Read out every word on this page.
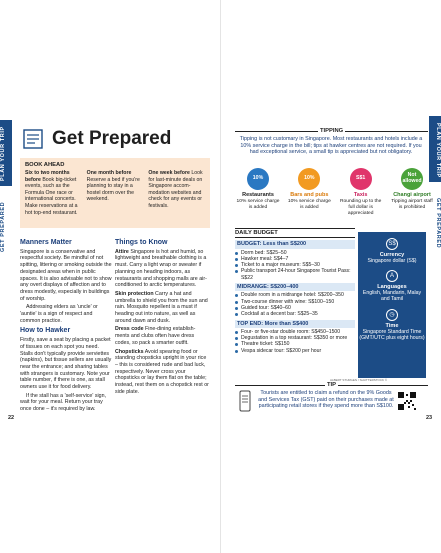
PLAN YOUR TRIP
GET PREPARED
Get Prepared
BOOK AHEAD
Six to two months before Book big-ticket events, such as the Formula One race or international concerts. Make reservations at a hot top-end restaurant.
One month before Reserve a bed if you're planning to stay in a hostel dorm over the weekend.
One week before Look for last-minute deals on Singapore accom-modation websites and check for any events or festivals.
Manners Matter

Singapore is a conservative and respectful society. Be mindful of not spitting, littering or smoking outside the designated areas when in public spaces. It is also advisable not to show any overt displays of affection and to dress modestly, especially in buildings of worship.

Addressing elders as 'uncle' or 'auntie' is a sign of respect and common practice.

How to Hawker

Firstly, save a seat by placing a packet of tissues on each spot you need. Stalls don't typically provide serviettes (napkins), but tissue sellers are usually near the entrance; and sharing tables with strangers is customary. Note your table number, if there is one, as stall owners use it for food delivery.

If the stall has a 'self-service' sign, wait for your meal. Return your tray once done – it's required by law.

Things to Know

Attire Singapore is hot and humid, so lightweight and breathable clothing is a must. Carry a light wrap or sweater if planning on heading indoors, as restaurants and shopping malls are air-conditioned to arctic temperatures.

Skin protection Carry a hat and umbrella to shield you from the sun and rain. Mosquito repellent is a must if heading out into nature, as well as around dawn and dusk.

Dress code Fine-dining establish-ments and clubs often have dress codes, so pack a smarter outfit.

Chopsticks Avoid spearing food or standing chopsticks upright in your rice – this is considered rude and bad luck, respectively. Never cross your chopsticks or lay them flat on the table; instead, rest them on a chopstick rest or side plate.

22
PLAN YOUR TRIP
GET PREPARED
23
TIPPING
Tipping is not customary in Singapore. Most restaurants and hotels include a 10% service charge in the bill; tips at hawker centres are not required. If you had exceptional service, a small tip is appreciated but not obligatory.
10%
Restaurants
10% service charge is added
10%
Bars and pubs
10% service charge is added
S$1
Taxis
Rounding up to the full dollar is appreciated
Not allowed
Changi airport
Tipping airport staff is prohibited
DAILY BUDGET
BUDGET: Less than S$200
Dorm bed: S$25–50
Hawker meal: S$4–7
Ticket to a major museum: S$5–30
Public transport 24-hour Singapore Tourist Pass: S$22
MIDRANGE: S$200–400
Double room in a midrange hotel: S$200–350
Two-course dinner with wine: S$100–150
Guided tour: S$40–60
Cocktail at a decent bar: S$25–35
TOP END: More than S$400
Four- or five-star double room: S$450–1500
Degustation in a top restaurant: S$350 or more
Theatre ticket: S$150
Vespa sidecar tour: S$200 per hour
S$
Currency
Singapore dollar (S$)
A
Languages
English, Mandarin, Malay and Tamil
◷
Time
Singapore Standard Time (GMT/UTC plus eight hours)
ALBERT STURGEN / SHUTTERSTOCK ©
TIP
Tourists are entitled to claim a refund on the 9% Goods and Services Tax (GST) paid on their purchases made at participating retail stores if they spend more than S$100.
